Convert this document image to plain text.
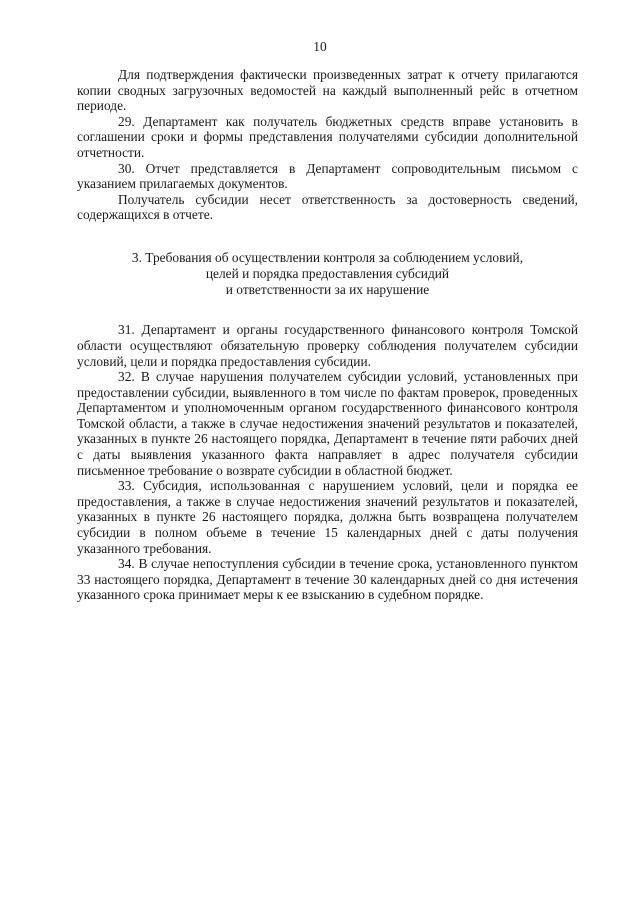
10

Для подтверждения фактически произведенных затрат к отчету прилагаются копии сводных загрузочных ведомостей на каждый выполненный рейс в отчетном периоде.

29. Департамент как получатель бюджетных средств вправе установить в соглашении сроки и формы представления получателями субсидии дополнительной отчетности.

30. Отчет представляется в Департамент сопроводительным письмом с указанием прилагаемых документов.

Получатель субсидии несет ответственность за достоверность сведений, содержащихся в отчете.

3. Требования об осуществлении контроля за соблюдением условий,
целей и порядка предоставления субсидий
и ответственности за их нарушение

31. Департамент и органы государственного финансового контроля Томской области осуществляют обязательную проверку соблюдения получателем субсидии условий, цели и порядка предоставления субсидии.

32. В случае нарушения получателем субсидии условий, установленных при предоставлении субсидии, выявленного в том числе по фактам проверок, проведенных Департаментом и уполномоченным органом государственного финансового контроля Томской области, а также в случае недостижения значений результатов и показателей, указанных в пункте 26 настоящего порядка, Департамент в течение пяти рабочих дней с даты выявления указанного факта направляет в адрес получателя субсидии письменное требование о возврате субсидии в областной бюджет.

33. Субсидия, использованная с нарушением условий, цели и порядка ее предоставления, а также в случае недостижения значений результатов и показателей, указанных в пункте 26 настоящего порядка, должна быть возвращена получателем субсидии в полном объеме в течение 15 календарных дней с даты получения указанного требования.

34. В случае непоступления субсидии в течение срока, установленного пунктом 33 настоящего порядка, Департамент в течение 30 календарных дней со дня истечения указанного срока принимает меры к ее взысканию в судебном порядке.
